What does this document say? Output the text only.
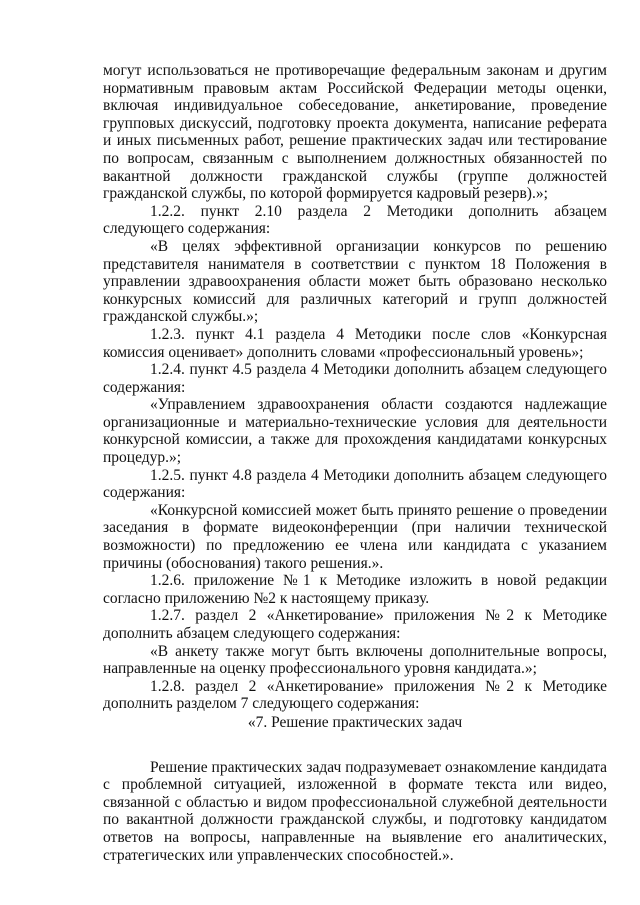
могут использоваться не противоречащие федеральным законам и другим нормативным правовым актам Российской Федерации методы оценки, включая индивидуальное собеседование, анкетирование, проведение групповых дискуссий, подготовку проекта документа, написание реферата и иных письменных работ, решение практических задач или тестирование по вопросам, связанным с выполнением должностных обязанностей по вакантной должности гражданской службы (группе должностей гражданской службы, по которой формируется кадровый резерв).»;

1.2.2. пункт 2.10 раздела 2 Методики дополнить абзацем следующего содержания:

«В целях эффективной организации конкурсов по решению представителя нанимателя в соответствии с пунктом 18 Положения в управлении здравоохранения области может быть образовано несколько конкурсных комиссий для различных категорий и групп должностей гражданской службы.»;

1.2.3. пункт 4.1 раздела 4 Методики после слов «Конкурсная комиссия оценивает» дополнить словами «профессиональный уровень»;

1.2.4. пункт 4.5 раздела 4 Методики дополнить абзацем следующего содержания:

«Управлением здравоохранения области создаются надлежащие организационные и материально-технические условия для деятельности конкурсной комиссии, а также для прохождения кандидатами конкурсных процедур.»;

1.2.5. пункт 4.8 раздела 4 Методики дополнить абзацем следующего содержания:

«Конкурсной комиссией может быть принято решение о проведении заседания в формате видеоконференции (при наличии технической возможности) по предложению ее члена или кандидата с указанием причины (обоснования) такого решения.».

1.2.6. приложение №1 к Методике изложить в новой редакции согласно приложению №2 к настоящему приказу.

1.2.7. раздел 2 «Анкетирование» приложения №2 к Методике дополнить абзацем следующего содержания:

«В анкету также могут быть включены дополнительные вопросы, направленные на оценку профессионального уровня кандидата.»;

1.2.8. раздел 2 «Анкетирование» приложения №2 к Методике дополнить разделом 7 следующего содержания:

«7. Решение практических задач

Решение практических задач подразумевает ознакомление кандидата с проблемной ситуацией, изложенной в формате текста или видео, связанной с областью и видом профессиональной служебной деятельности по вакантной должности гражданской службы, и подготовку кандидатом ответов на вопросы, направленные на выявление его аналитических, стратегических или управленческих способностей.».
